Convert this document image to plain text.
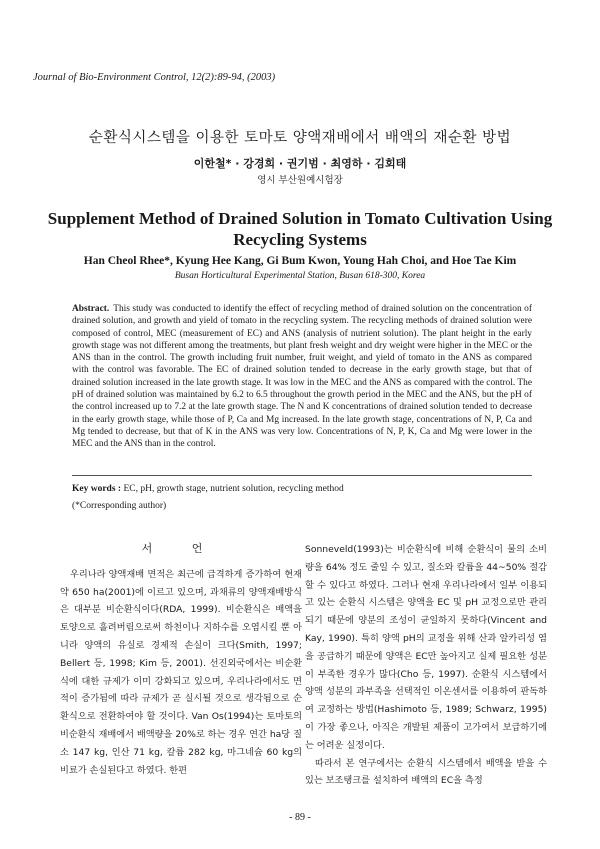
Journal of Bio-Environment Control, 12(2):89-94, (2003)
순환식시스템을 이용한 토마토 양액재배에서 배액의 재순환 방법
이한철* · 강경희 · 권기범 · 최영하 · 김회태
영시 부산원예시험장
Supplement Method of Drained Solution in Tomato Cultivation Using Recycling Systems
Han Cheol Rhee*, Kyung Hee Kang, Gi Bum Kwon, Young Hah Choi, and Hoe Tae Kim
Busan Horticultural Experimental Station, Busan 618-300, Korea
Abstract. This study was conducted to identify the effect of recycling method of drained solution on the concentration of drained solution, and growth and yield of tomato in the recycling system. The recycling methods of drained solution were composed of control, MEC (measurement of EC) and ANS (analysis of nutrient solution). The plant height in the early growth stage was not different among the treatments, but plant fresh weight and dry weight were higher in the MEC or the ANS than in the control. The growth including fruit number, fruit weight, and yield of tomato in the ANS as compared with the control was favorable. The EC of drained solution tended to decrease in the early growth stage, but that of drained solution increased in the late growth stage. It was low in the MEC and the ANS as compared with the control. The pH of drained solution was maintained by 6.2 to 6.5 throughout the growth period in the MEC and the ANS, but the pH of the control increased up to 7.2 at the late growth stage. The N and K concentrations of drained solution tended to decrease in the early growth stage, while those of P, Ca and Mg increased. In the late growth stage, concentrations of N, P, Ca and Mg tended to decrease, but that of K in the ANS was very low. Concentrations of N, P, K, Ca and Mg were lower in the MEC and the ANS than in the control.
Key words : EC, pH, growth stage, nutrient solution, recycling method
(*Corresponding author)
서 언

우리나라 양액재배 면적은 최근에 급격하게 증가하여 현재 약 650 ha(2001)에 이르고 있으며, 과채류의 양액재배방식은 대부분 비순환식이다(RDA, 1999). 비순환식은 배액을 토양으로 흘려버림으로써 하천이나 지하수를 오염시킬 뿐 아니라 양액의 유실로 경제적 손실이 크다(Smith, 1997; Bellert 등, 1998; Kim 등, 2001). 선진외국에서는 비순환식에 대한 규제가 이미 강화되고 있으며, 우리나라에서도 면적이 증가됨에 따라 규제가 곧 실시될 것으로 생각됨으로 순환식으로 전환하여야 할 것이다. Van Os(1994)는 토마토의 비순환식 재배에서 배액량을 20%로 하는 경우 연간 ha당 질소 147 kg, 인산 71 kg, 칼륨 282 kg, 마그네슘 60 kg의 비료가 손실된다고 하였다. 한편

Sonneveld(1993)는 비순환식에 비해 순환식이 물의 소비량을 64% 정도 줄일 수 있고, 질소와 칼륨을 44~50% 절감할 수 있다고 하였다. 그러나 현재 우리나라에서 일부 이용되고 있는 순환식 시스템은 양액을 EC 및 pH 교정으로만 관리되기 때문에 양분의 조성이 균일하지 못하다(Vincent and Kay, 1990). 특히 양액 pH의 교정을 위해 산과 알카리성 염을 공급하기 때문에 양액은 EC만 높아지고 실제 필요한 성분이 부족한 경우가 많다(Cho 등, 1997). 순환식 시스템에서 양액 성분의 과부족을 선택적인 이온센서를 이용하여 판독하여 교정하는 방법(Hashimoto 등, 1989; Schwarz, 1995)이 가장 좋으나, 아직은 개발된 제품이 고가여서 보급하기에는 어려운 실정이다.

따라서 본 연구에서는 순환식 시스템에서 배액을 받을 수 있는 보조탱크를 설치하여 배액의 EC을 측정

- 89 -
